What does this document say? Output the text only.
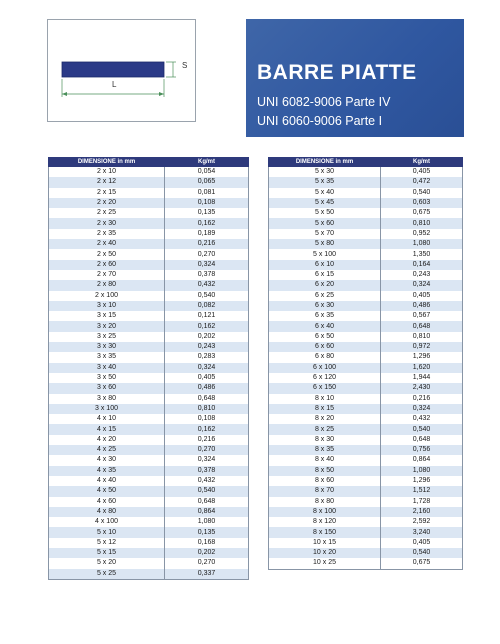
S
L
BARRE PIATTE
UNI 6082-9006 Parte IV
UNI 6060-9006 Parte I
DIMENSIONE in mm	Kg/mt
2 x 10	0,054
2 x 12	0,065
2 x 15	0,081
2 x 20	0,108
2 x 25	0,135
2 x 30	0,162
2 x 35	0,189
2 x 40	0,216
2 x 50	0,270
2 x 60	0,324
2 x 70	0,378
2 x 80	0,432
2 x 100	0,540
3 x 10	0,082
3 x 15	0,121
3 x 20	0,162
3 x 25	0,202
3 x 30	0,243
3 x 35	0,283
3 x 40	0,324
3 x 50	0,405
3 x 60	0,486
3 x 80	0,648
3 x 100	0,810
4 x 10	0,108
4 x 15	0,162
4 x 20	0,216
4 x 25	0,270
4 x 30	0,324
4 x 35	0,378
4 x 40	0,432
4 x 50	0,540
4 x 60	0,648
4 x 80	0,864
4 x 100	1,080
5 x 10	0,135
5 x 12	0,168
5 x 15	0,202
5 x 20	0,270
5 x 25	0,337
DIMENSIONE in mm	Kg/mt
5 x 30	0,405
5 x 35	0,472
5 x 40	0,540
5 x 45	0,603
5 x 50	0,675
5 x 60	0,810
5 x 70	0,952
5 x 80	1,080
5 x 100	1,350
6 x 10	0,164
6 x 15	0,243
6 x 20	0,324
6 x 25	0,405
6 x 30	0,486
6 x 35	0,567
6 x 40	0,648
6 x 50	0,810
6 x 60	0,972
6 x 80	1,296
6 x 100	1,620
6 x 120	1,944
6 x 150	2,430
8 x 10	0,216
8 x 15	0,324
8 x 20	0,432
8 x 25	0,540
8 x 30	0,648
8 x 35	0,756
8 x 40	0,864
8 x 50	1,080
8 x 60	1,296
8 x 70	1,512
8 x 80	1,728
8 x 100	2,160
8 x 120	2,592
8 x 150	3,240
10 x 15	0,405
10 x 20	0,540
10 x 25	0,675
